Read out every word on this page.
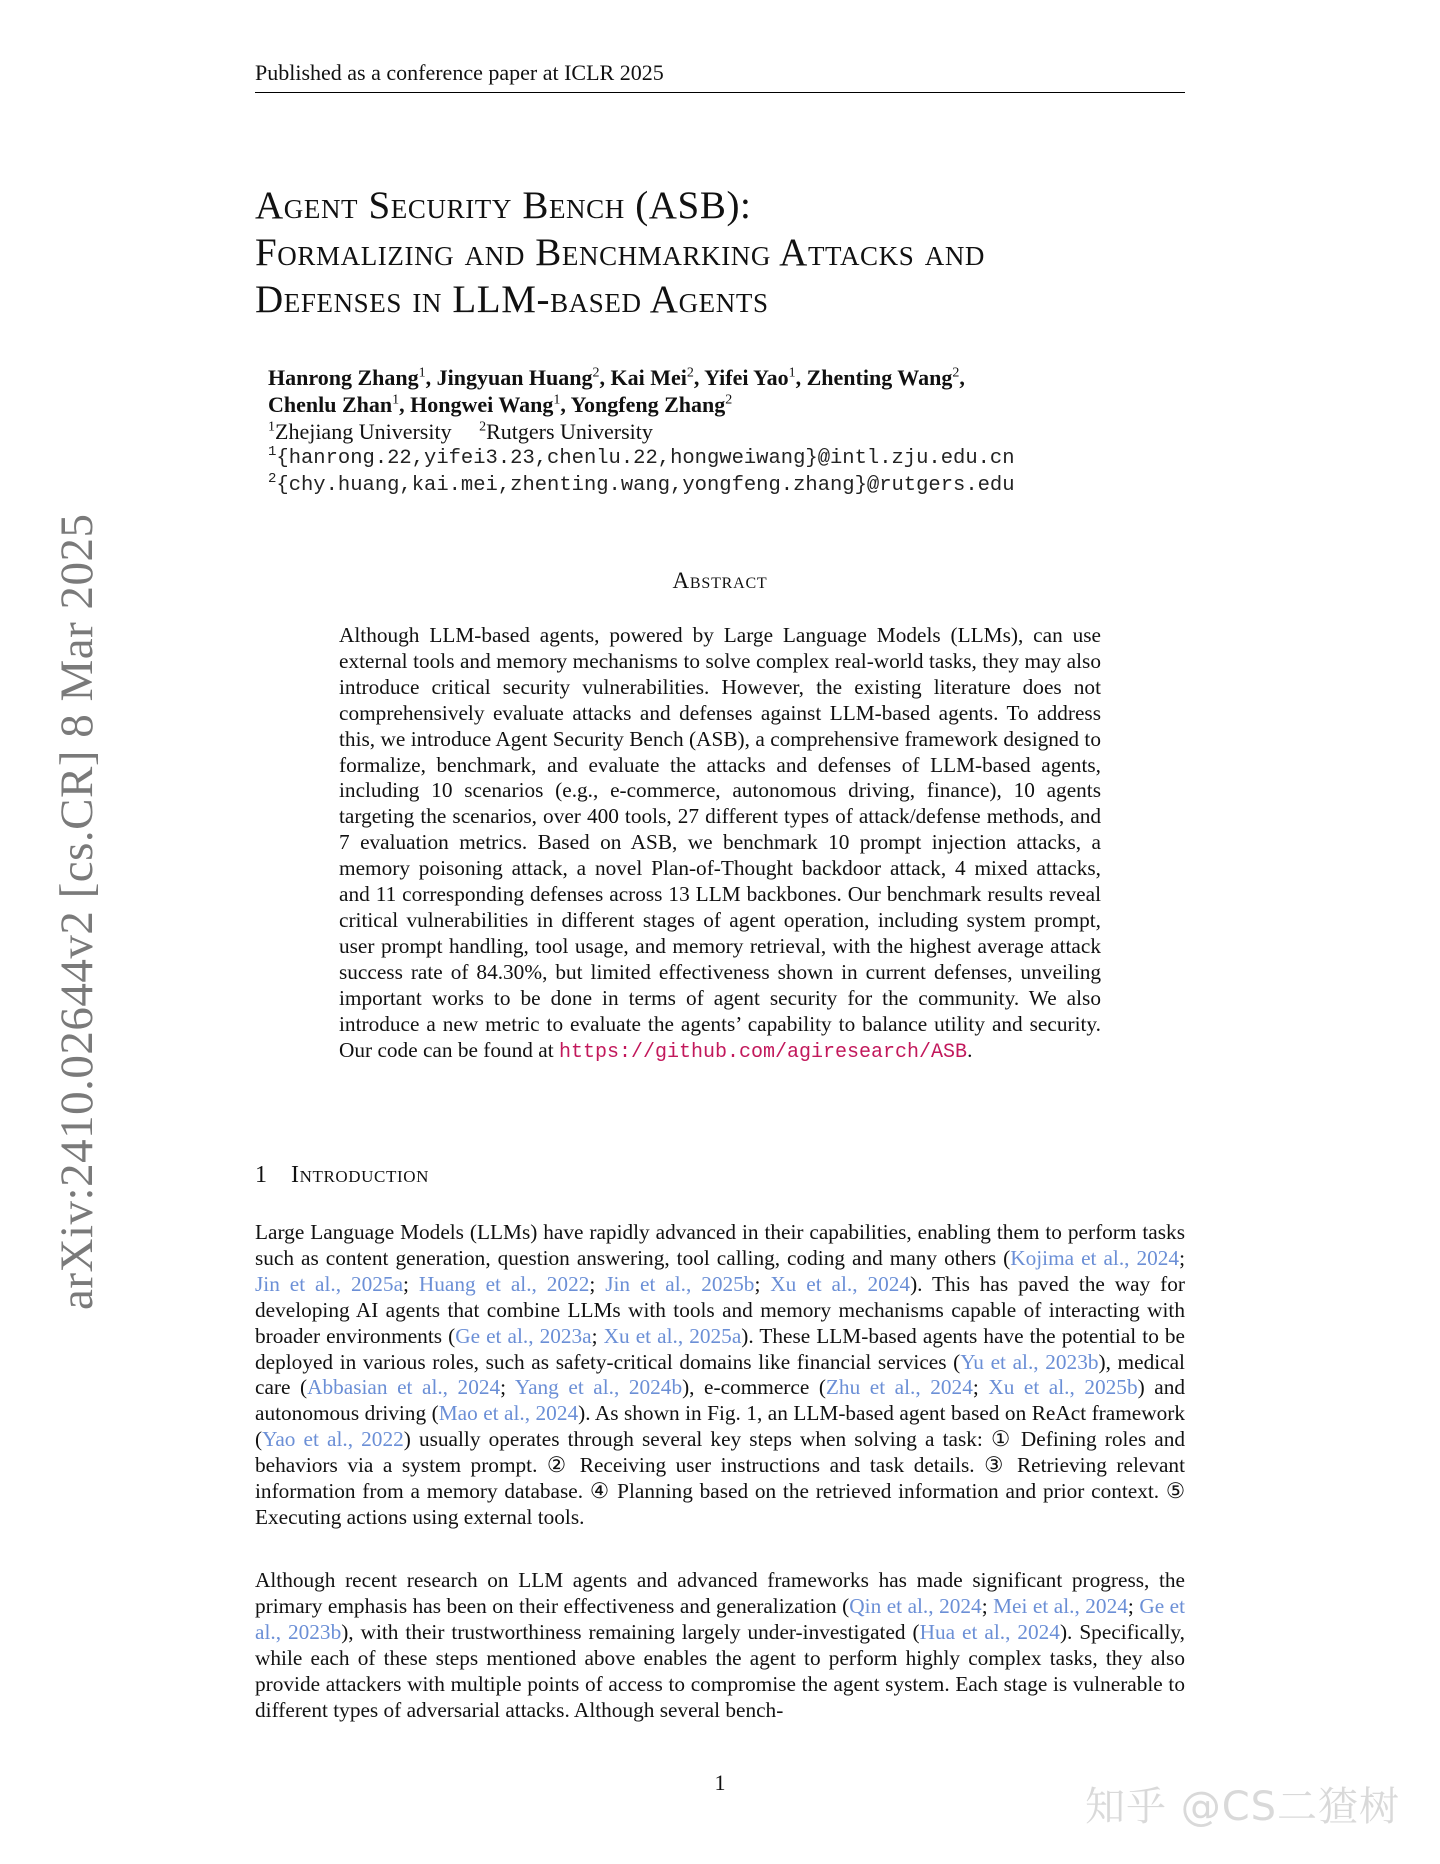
Published as a conference paper at ICLR 2025
arXiv:2410.02644v2 [cs.CR] 8 Mar 2025
Agent Security Bench (ASB):
Formalizing and Benchmarking Attacks and
Defenses in LLM-based Agents
Hanrong Zhang$^1$, Jingyuan Huang$^2$, Kai Mei$^2$, Yifei Yao$^1$, Zhenting Wang$^2$,
Chenlu Zhan$^1$, Hongwei Wang$^1$, Yongfeng Zhang$^2$
$^1$Zhejiang University $^2$Rutgers University
$^1${hanrong.22,yifei3.23,chenlu.22,hongweiwang}@intl.zju.edu.cn
$^2${chy.huang,kai.mei,zhenting.wang,yongfeng.zhang}@rutgers.edu
Abstract
Although LLM-based agents, powered by Large Language Models (LLMs), can use external tools and memory mechanisms to solve complex real-world tasks, they may also introduce critical security vulnerabilities. However, the existing literature does not comprehensively evaluate attacks and defenses against LLM-based agents. To address this, we introduce Agent Security Bench (ASB), a comprehensive framework designed to formalize, benchmark, and evaluate the attacks and defenses of LLM-based agents, including 10 scenarios (e.g., e-commerce, autonomous driving, finance), 10 agents targeting the scenarios, over 400 tools, 27 different types of attack/defense methods, and 7 evaluation metrics. Based on ASB, we benchmark 10 prompt injection attacks, a memory poisoning attack, a novel Plan-of-Thought backdoor attack, 4 mixed attacks, and 11 corresponding defenses across 13 LLM backbones. Our benchmark results reveal critical vulnerabilities in different stages of agent operation, including system prompt, user prompt handling, tool usage, and memory retrieval, with the highest average attack success rate of 84.30%, but limited effectiveness shown in current defenses, unveiling important works to be done in terms of agent security for the community. We also introduce a new metric to evaluate the agents’ capability to balance utility and security. Our code can be found at https://github.com/agiresearch/ASB.
1 Introduction
Large Language Models (LLMs) have rapidly advanced in their capabilities, enabling them to perform tasks such as content generation, question answering, tool calling, coding and many others (Kojima et al., 2024; Jin et al., 2025a; Huang et al., 2022; Jin et al., 2025b; Xu et al., 2024). This has paved the way for developing AI agents that combine LLMs with tools and memory mechanisms capable of interacting with broader environments (Ge et al., 2023a; Xu et al., 2025a). These LLM-based agents have the potential to be deployed in various roles, such as safety-critical domains like financial services (Yu et al., 2023b), medical care (Abbasian et al., 2024; Yang et al., 2024b), e-commerce (Zhu et al., 2024; Xu et al., 2025b) and autonomous driving (Mao et al., 2024). As shown in Fig. 1, an LLM-based agent based on ReAct framework (Yao et al., 2022) usually operates through several key steps when solving a task: ① Defining roles and behaviors via a system prompt. ② Receiving user instructions and task details. ③ Retrieving relevant information from a memory database. ④ Planning based on the retrieved information and prior context. ⑤ Executing actions using external tools.
Although recent research on LLM agents and advanced frameworks has made significant progress, the primary emphasis has been on their effectiveness and generalization (Qin et al., 2024; Mei et al., 2024; Ge et al., 2023b), with their trustworthiness remaining largely under-investigated (Hua et al., 2024). Specifically, while each of these steps mentioned above enables the agent to perform highly complex tasks, they also provide attackers with multiple points of access to compromise the agent system. Each stage is vulnerable to different types of adversarial attacks. Although several bench-
1
知乎 @CS二猹树
